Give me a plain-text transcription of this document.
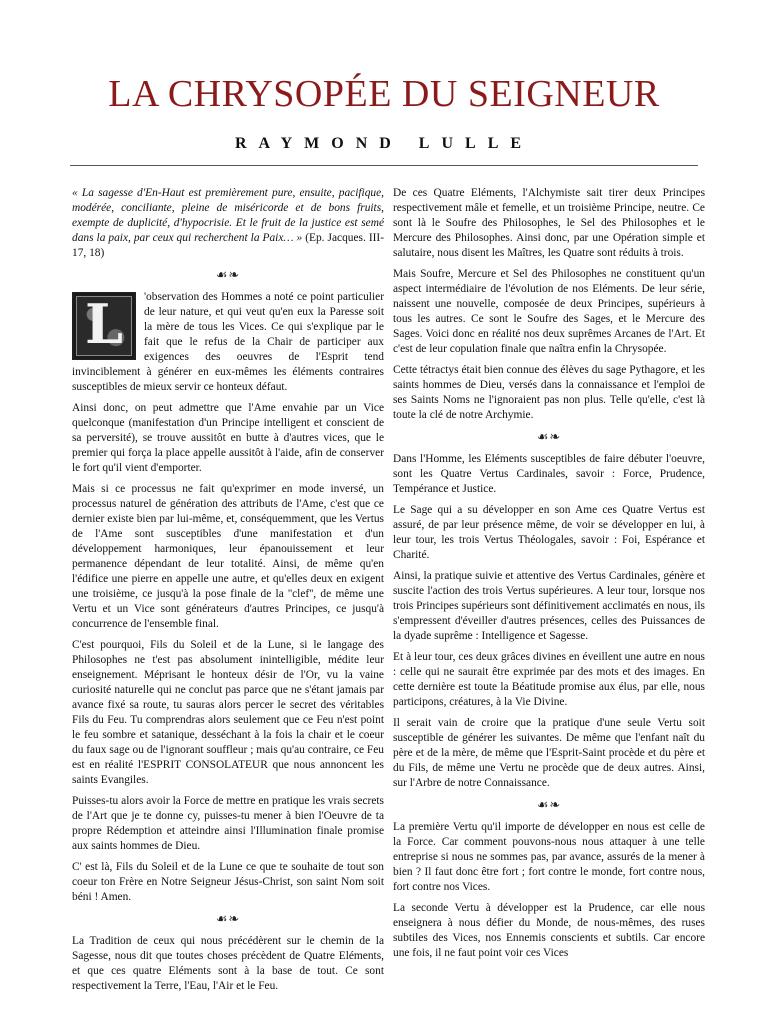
LA CHRYSOPÉE DU SEIGNEUR
RAYMOND LULLE

« La sagesse d'En-Haut est premièrement pure, ensuite, pacifique, modérée, conciliante, pleine de miséricorde et de bons fruits, exempte de duplicité, d'hypocrisie. Et le fruit de la justice est semé dans la paix, par ceux qui recherchent la Paix… » (Ep. Jacques. III-17, 18)

☙❧

L	'observation des Hommes a noté ce point particulier de leur nature, et qui veut qu'en eux la Paresse soit la mère de tous les Vices. Ce qui s'explique par le fait que le refus de la Chair de participer aux exigences des oeuvres de l'Esprit tend invinciblement à générer en eux-mêmes les éléments contraires susceptibles de mieux servir ce honteux défaut.

Ainsi donc, on peut admettre que l'Ame envahie par un Vice quelconque (manifestation d'un Principe intelligent et conscient de sa perversité), se trouve aussitôt en butte à d'autres vices, que le premier qui força la place appelle aussitôt à l'aide, afin de conserver le fort qu'il vient d'emporter.

Mais si ce processus ne fait qu'exprimer en mode inversé, un processus naturel de génération des attributs de l'Ame, c'est que ce dernier existe bien par lui-même, et, conséquemment, que les Vertus de l'Ame sont susceptibles d'une manifestation et d'un développement harmoniques, leur épanouissement et leur permanence dépendant de leur totalité. Ainsi, de même qu'en l'édifice une pierre en appelle une autre, et qu'elles deux en exigent une troisième, ce jusqu'à la pose finale de la ''clef'', de même une Vertu et un Vice sont générateurs d'autres Principes, ce jusqu'à concurrence de l'ensemble final.

C'est pourquoi, Fils du Soleil et de la Lune, si le langage des Philosophes ne t'est pas absolument inintelligible, médite leur enseignement. Méprisant le honteux désir de l'Or, vu la vaine curiosité naturelle qui ne conclut pas parce que ne s'étant jamais par avance fixé sa route, tu sauras alors percer le secret des véritables Fils du Feu. Tu comprendras alors seulement que ce Feu n'est point le feu sombre et satanique, desséchant à la fois la chair et le coeur du faux sage ou de l'ignorant souffleur ; mais qu'au contraire, ce Feu est en réalité l'ESPRIT CONSOLATEUR que nous annoncent les saints Evangiles.

Puisses-tu alors avoir la Force de mettre en pratique les vrais secrets de l'Art que je te donne cy, puisses-tu mener à bien l'Oeuvre de ta propre Rédemption et atteindre ainsi l'Illumination finale promise aux saints hommes de Dieu.

C' est là, Fils du Soleil et de la Lune ce que te souhaite de tout son coeur ton Frère en Notre Seigneur Jésus-Christ, son saint Nom soit béni ! Amen.

☙❧

La Tradition de ceux qui nous précédèrent sur le chemin de la Sagesse, nous dit que toutes choses précèdent de Quatre Eléments, et que ces quatre Eléments sont à la base de tout. Ce sont respectivement la Terre, l'Eau, l'Air et le Feu.

De ces Quatre Eléments, l'Alchymiste sait tirer deux Principes respectivement mâle et femelle, et un troisième Principe, neutre. Ce sont là le Soufre des Philosophes, le Sel des Philosophes et le Mercure des Philosophes. Ainsi donc, par une Opération simple et salutaire, nous disent les Maîtres, les Quatre sont réduits à trois.

Mais Soufre, Mercure et Sel des Philosophes ne constituent qu'un aspect intermédiaire de l'évolution de nos Eléments. De leur série, naissent une nouvelle, composée de deux Principes, supérieurs à tous les autres. Ce sont le Soufre des Sages, et le Mercure des Sages. Voici donc en réalité nos deux suprêmes Arcanes de l'Art. Et c'est de leur copulation finale que naîtra enfin la Chrysopée.

Cette tétractys était bien connue des élèves du sage Pythagore, et les saints hommes de Dieu, versés dans la connaissance et l'emploi de ses Saints Noms ne l'ignoraient pas non plus. Telle qu'elle, c'est là toute la clé de notre Archymie.

☙❧

Dans l'Homme, les Eléments susceptibles de faire débuter l'oeuvre, sont les Quatre Vertus Cardinales, savoir : Force, Prudence, Tempérance et Justice.

Le Sage qui a su développer en son Ame ces Quatre Vertus est assuré, de par leur présence même, de voir se développer en lui, à leur tour, les trois Vertus Théologales, savoir : Foi, Espérance et Charité.

Ainsi, la pratique suivie et attentive des Vertus Cardinales, génère et suscite l'action des trois Vertus supérieures. A leur tour, lorsque nos trois Principes supérieurs sont définitivement acclimatés en nous, ils s'empressent d'éveiller d'autres présences, celles des Puissances de la dyade suprême : Intelligence et Sagesse.

Et à leur tour, ces deux grâces divines en éveillent une autre en nous : celle qui ne saurait être exprimée par des mots et des images. En cette dernière est toute la Béatitude promise aux élus, par elle, nous participons, créatures, à la Vie Divine.

Il serait vain de croire que la pratique d'une seule Vertu soit susceptible de générer les suivantes. De même que l'enfant naît du père et de la mère, de même que l'Esprit-Saint procède et du père et du Fils, de même une Vertu ne procède que de deux autres. Ainsi, sur l'Arbre de notre Connaissance.

☙❧

La première Vertu qu'il importe de développer en nous est celle de la Force. Car comment pouvons-nous nous attaquer à une telle entreprise si nous ne sommes pas, par avance, assurés de la mener à bien ? Il faut donc être fort ; fort contre le monde, fort contre nous, fort contre nos Vices.

La seconde Vertu à développer est la Prudence, car elle nous enseignera à nous défier du Monde, de nous-mêmes, des ruses subtiles des Vices, nos Ennemis conscients et subtils. Car encore une fois, il ne faut point voir ces Vices
